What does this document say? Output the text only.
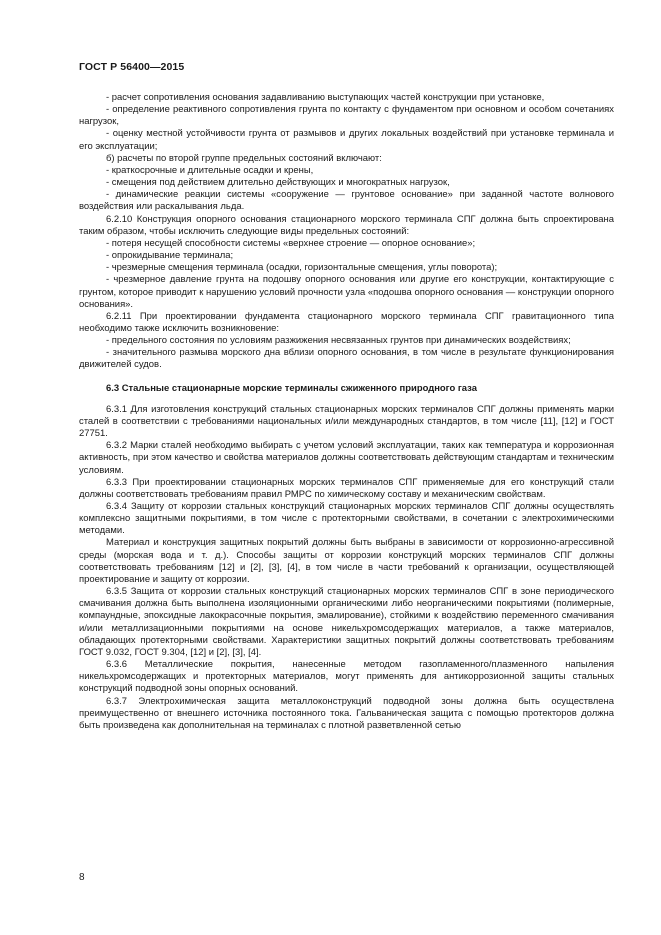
ГОСТ Р 56400—2015

- расчет сопротивления основания задавливанию выступающих частей конструкции при установке,

- определение реактивного сопротивления грунта по контакту с фундаментом при основном и особом сочетаниях нагрузок,

- оценку местной устойчивости грунта от размывов и других локальных воздействий при установке терминала и его эксплуатации;

б) расчеты по второй группе предельных состояний включают:

- краткосрочные и длительные осадки и крены,

- смещения под действием длительно действующих и многократных нагрузок,

- динамические реакции системы «сооружение — грунтовое основание» при заданной частоте волнового воздействия или раскалывания льда.

6.2.10 Конструкция опорного основания стационарного морского терминала СПГ должна быть спроектирована таким образом, чтобы исключить следующие виды предельных состояний:

- потеря несущей способности системы «верхнее строение — опорное основание»;

- опрокидывание терминала;

- чрезмерные смещения терминала (осадки, горизонтальные смещения, углы поворота);

- чрезмерное давление грунта на подошву опорного основания или другие его конструкции, контактирующие с грунтом, которое приводит к нарушению условий прочности узла «подошва опорного основания — конструкции опорного основания».

6.2.11 При проектировании фундамента стационарного морского терминала СПГ гравитационного типа необходимо также исключить возникновение:

- предельного состояния по условиям разжижения несвязанных грунтов при динамических воздействиях;

- значительного размыва морского дна вблизи опорного основания, в том числе в результате функционирования движителей судов.

6.3 Стальные стационарные морские терминалы сжиженного природного газа

6.3.1 Для изготовления конструкций стальных стационарных морских терминалов СПГ должны применять марки сталей в соответствии с требованиями национальных и/или международных стандартов, в том числе [11], [12] и ГОСТ 27751.

6.3.2 Марки сталей необходимо выбирать с учетом условий эксплуатации, таких как температура и коррозионная активность, при этом качество и свойства материалов должны соответствовать действующим стандартам и техническим условиям.

6.3.3 При проектировании стационарных морских терминалов СПГ применяемые для его конструкций стали должны соответствовать требованиям правил РМРС по химическому составу и механическим свойствам.

6.3.4 Защиту от коррозии стальных конструкций стационарных морских терминалов СПГ должны осуществлять комплексно защитными покрытиями, в том числе с протекторными свойствами, в сочетании с электрохимическими методами.

Материал и конструкция защитных покрытий должны быть выбраны в зависимости от коррозионно-агрессивной среды (морская вода и т. д.). Способы защиты от коррозии конструкций морских терминалов СПГ должны соответствовать требованиям [12] и [2], [3], [4], в том числе в части требований к организации, осуществляющей проектирование и защиту от коррозии.

6.3.5 Защита от коррозии стальных конструкций стационарных морских терминалов СПГ в зоне периодического смачивания должна быть выполнена изоляционными органическими либо неорганическими покрытиями (полимерные, компаундные, эпоксидные лакокрасочные покрытия, эмалирование), стойкими к воздействию переменного смачивания и/или металлизационными покрытиями на основе никельхромсодержащих материалов, а также материалов, обладающих протекторными свойствами. Характеристики защитных покрытий должны соответствовать требованиям ГОСТ 9.032, ГОСТ 9.304, [12] и [2], [3], [4].

6.3.6 Металлические покрытия, нанесенные методом газопламенного/плазменного напыления никельхромсодержащих и протекторных материалов, могут применять для антикоррозионной защиты стальных конструкций подводной зоны опорных оснований.

6.3.7 Электрохимическая защита металлоконструкций подводной зоны должна быть осуществлена преимущественно от внешнего источника постоянного тока. Гальваническая защита с помощью протекторов должна быть произведена как дополнительная на терминалах с плотной разветвленной сетью

8
